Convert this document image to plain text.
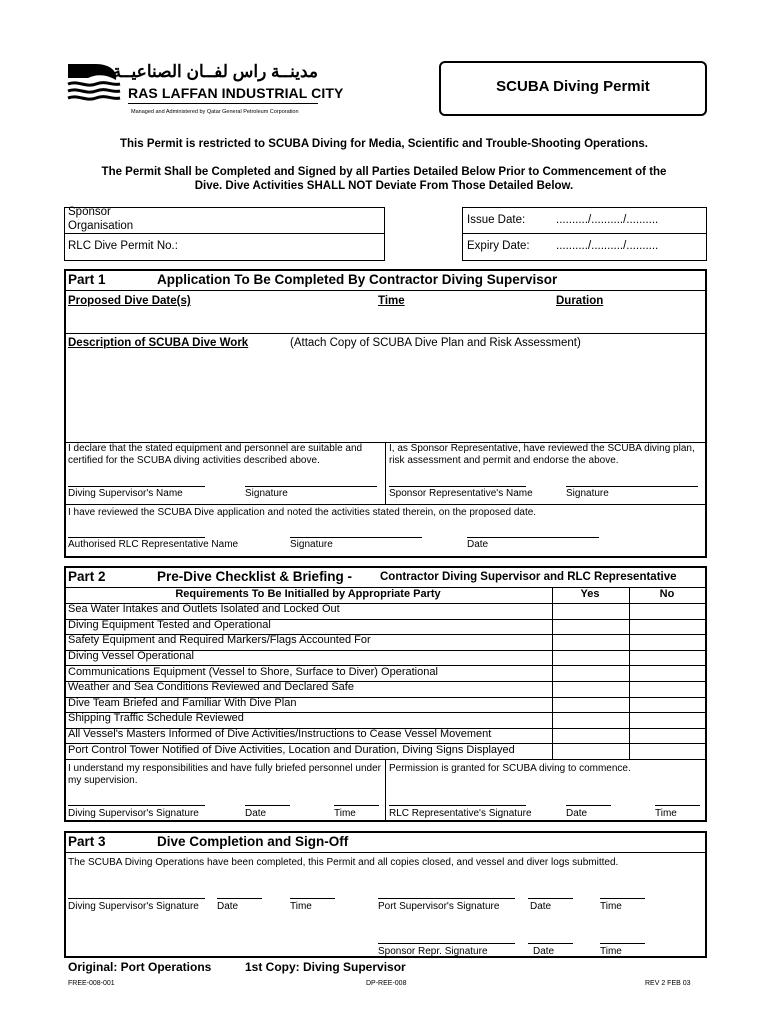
مدينــة راس لفــان الصناعيــة
RAS LAFFAN INDUSTRIAL CITY
Managed and Administered by Qatar General Petroleum Corporation
SCUBA Diving Permit
This Permit is restricted to SCUBA Diving for Media, Scientific and Trouble-Shooting Operations.
The Permit Shall be Completed and Signed by all Parties Detailed Below Prior to Commencement of the
Dive. Dive Activities SHALL NOT Deviate From Those Detailed Below.
Sponsor
Organisation
RLC Dive Permit No.:
Issue Date:	........../........../..........
Expiry Date: ........../........../..........
Part 1	Application To Be Completed By Contractor Diving Supervisor
Proposed Dive Date(s)	Time	Duration
Description of SCUBA Dive Work	(Attach Copy of SCUBA Dive Plan and Risk Assessment)
I declare that the stated equipment and personnel are suitable and
certified for the SCUBA diving activities described above.
Diving Supervisor's Name	Signature
I, as Sponsor Representative, have reviewed the SCUBA diving plan,
risk assessment and permit and endorse the above.
Sponsor Representative's Name	Signature
I have reviewed the SCUBA Dive application and noted the activities stated therein, on the proposed date.
Authorised RLC Representative Name	Signature	Date
Part 2	Pre-Dive Checklist & Briefing - Contractor Diving Supervisor and RLC Representative
Requirements To Be Initialled by Appropriate Party	Yes	No
Sea Water Intakes and Outlets Isolated and Locked Out
Diving Equipment Tested and Operational
Safety Equipment and Required Markers/Flags Accounted For
Diving Vessel Operational
Communications Equipment (Vessel to Shore, Surface to Diver) Operational
Weather and Sea Conditions Reviewed and Declared Safe
Dive Team Briefed and Familiar With Dive Plan
Shipping Traffic Schedule Reviewed
All Vessel's Masters Informed of Dive Activities/Instructions to Cease Vessel Movement
Port Control Tower Notified of Dive Activities, Location and Duration, Diving Signs Displayed
I understand my responsibilities and have fully briefed personnel under
my supervision.
Permission is granted for SCUBA diving to commence.
Diving Supervisor's Signature	Date	Time	RLC Representative's Signature	Date	Time
Part 3	Dive Completion and Sign-Off
The SCUBA Diving Operations have been completed, this Permit and all copies closed, and vessel and diver logs submitted.
Diving Supervisor's Signature Date	Time	Port Supervisor's Signature	Date	Time
Sponsor Repr. Signature	Date	Time
Original: Port Operations	1st Copy: Diving Supervisor
FREE-008-001	DP-REE-008	REV 2 FEB 03
